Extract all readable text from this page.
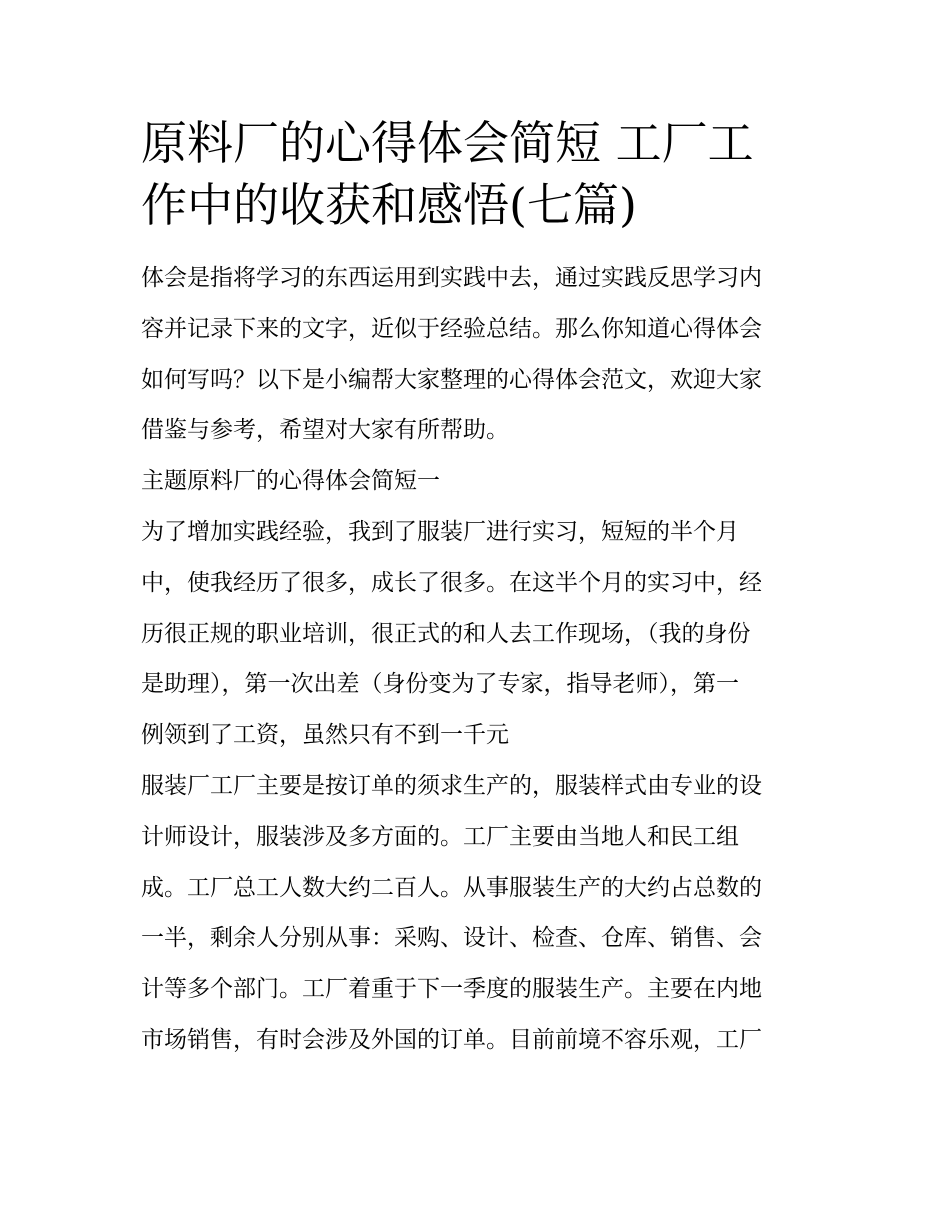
原料厂的心得体会简短 工厂工
作中的收获和感悟(七篇)
体会是指将学习的东西运用到实践中去，通过实践反思学习内
容并记录下来的文字，近似于经验总结。那么你知道心得体会
如何写吗？以下是小编帮大家整理的心得体会范文，欢迎大家
借鉴与参考，希望对大家有所帮助。
主题原料厂的心得体会简短一
为了增加实践经验，我到了服装厂进行实习，短短的半个月
中，使我经历了很多，成长了很多。在这半个月的实习中，经
历很正规的职业培训，很正式的和人去工作现场，（我的身份
是助理），第一次出差（身份变为了专家，指导老师），第一
例领到了工资，虽然只有不到一千元
服装厂工厂主要是按订单的须求生产的，服装样式由专业的设
计师设计，服装涉及多方面的。工厂主要由当地人和民工组
成。工厂总工人数大约二百人。从事服装生产的大约占总数的
一半，剩余人分别从事：采购、设计、检查、仓库、销售、会
计等多个部门。工厂着重于下一季度的服装生产。主要在内地
市场销售，有时会涉及外国的订单。目前前境不容乐观，工厂
